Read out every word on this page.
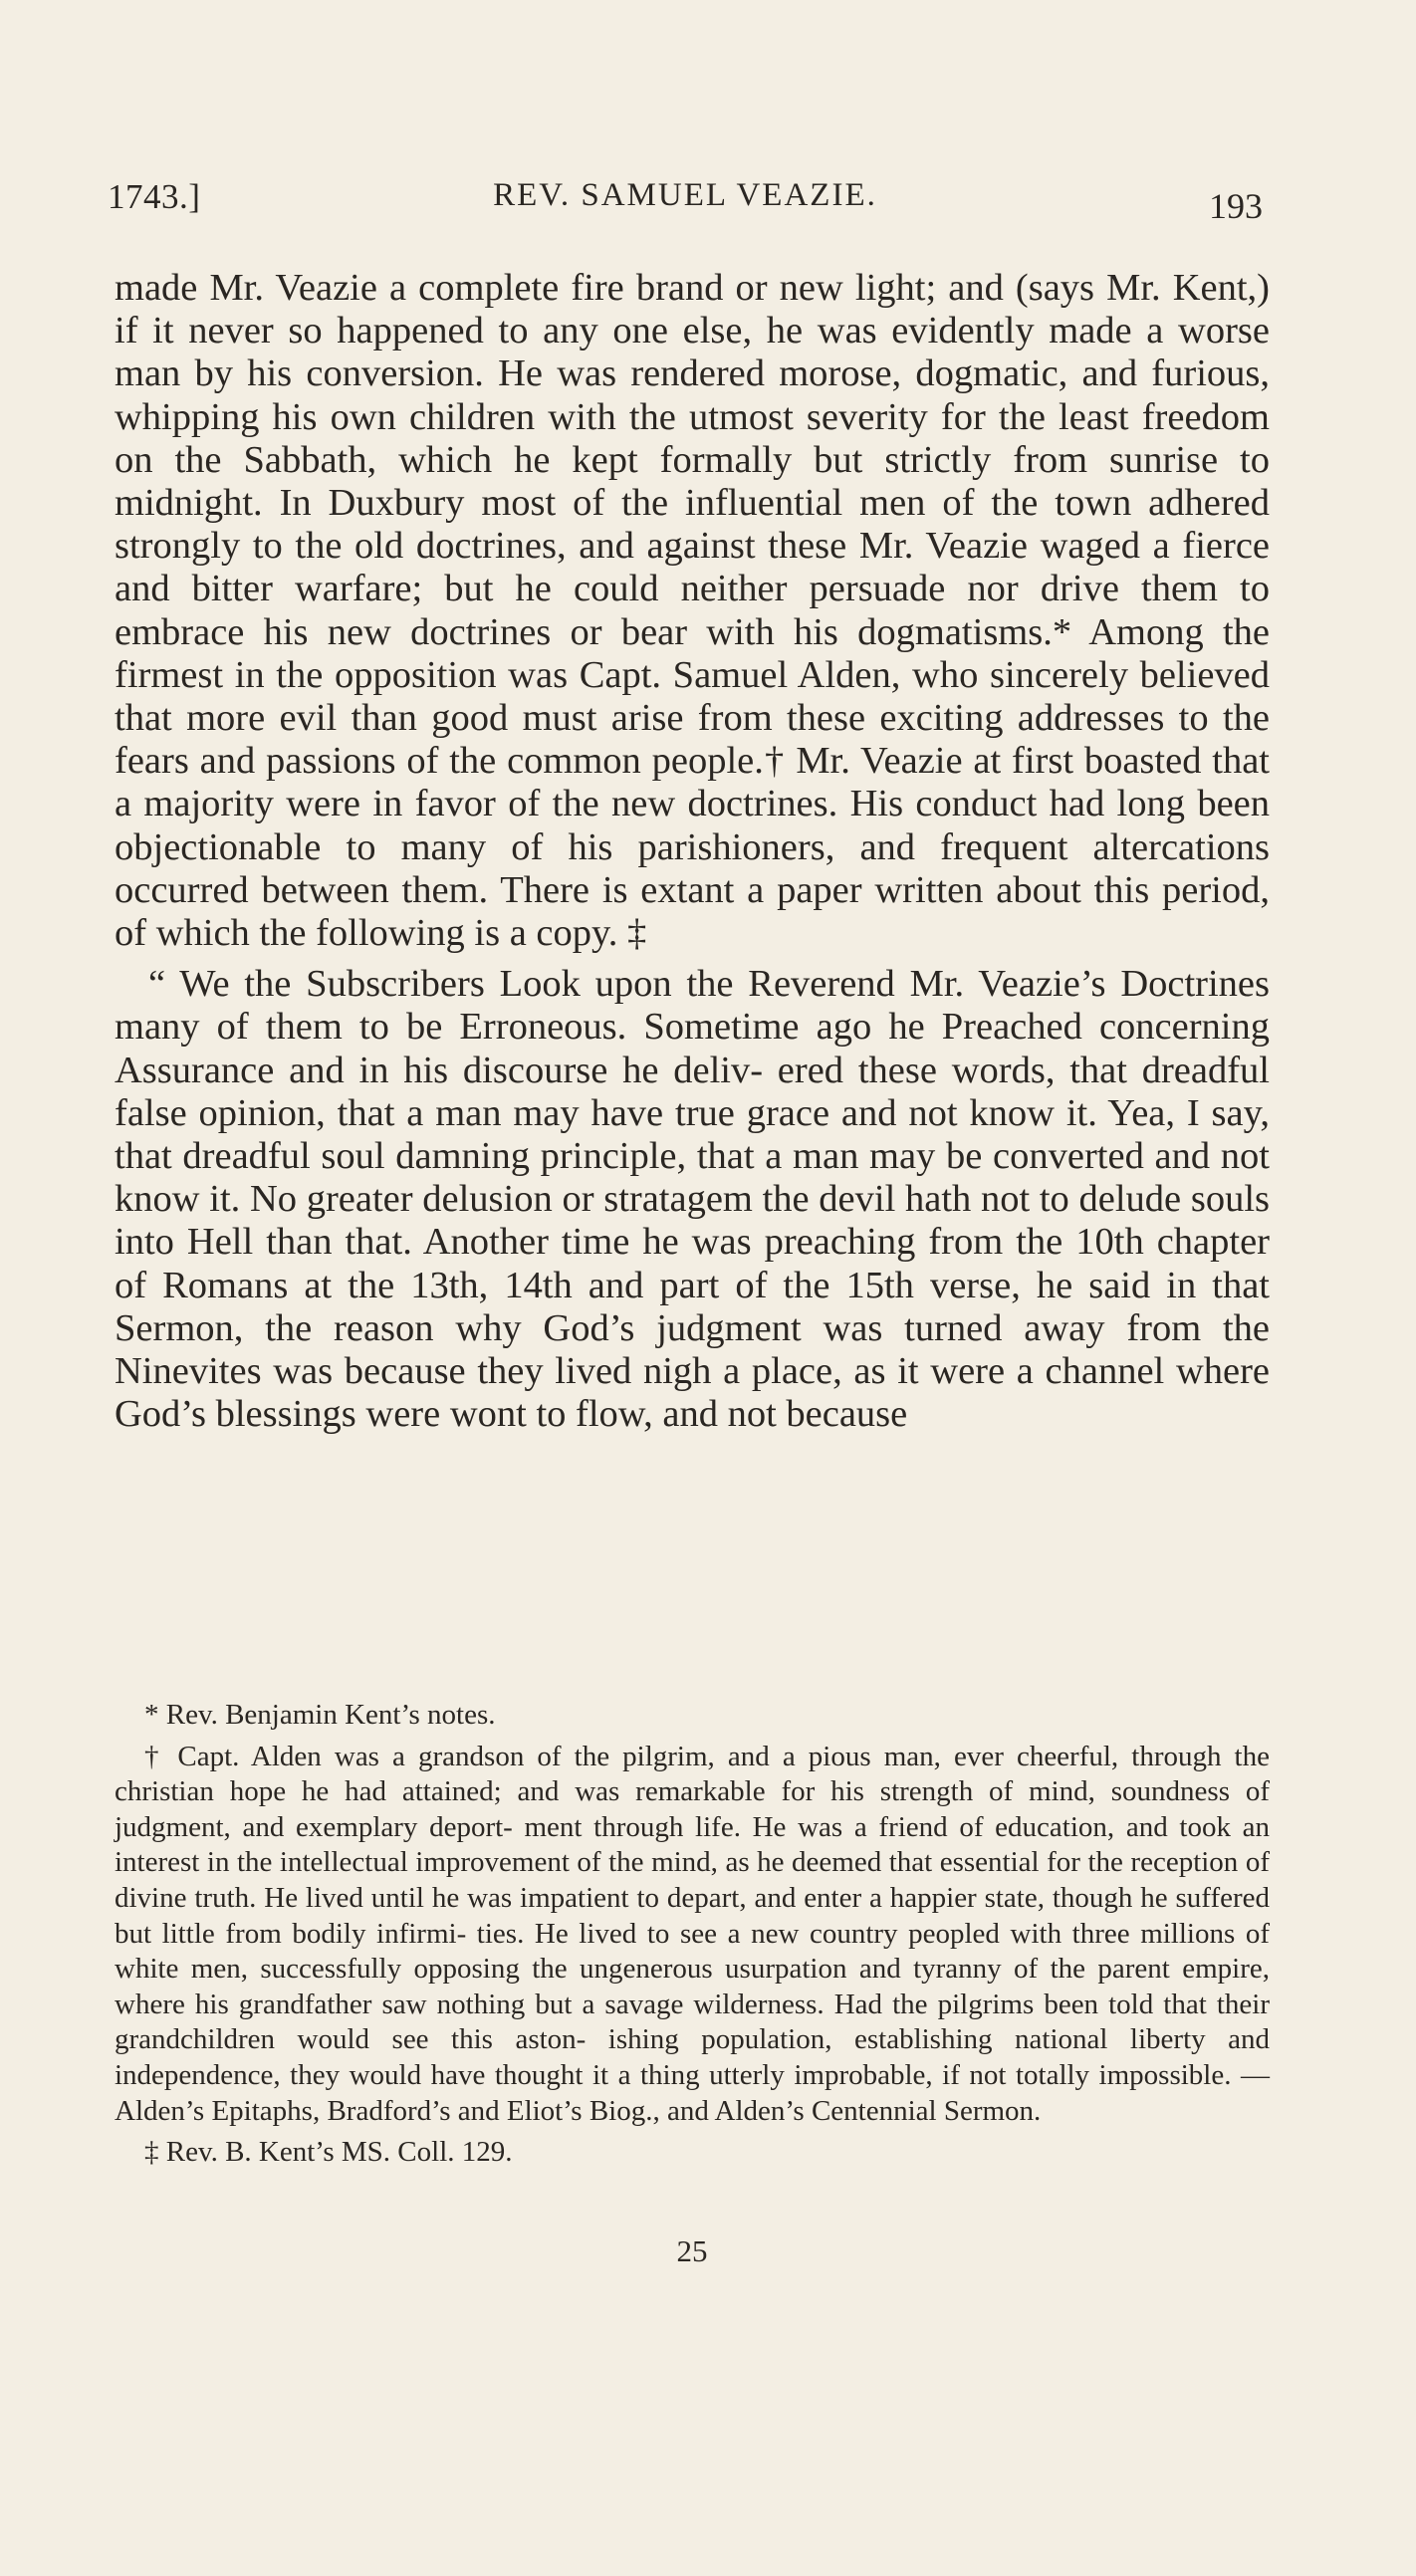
1743.]	REV. SAMUEL VEAZIE.	193

made Mr. Veazie a complete fire brand or new light; and (says Mr. Kent,) if it never so happened to any one else, he was evidently made a worse man by his conversion. He was rendered morose, dogmatic, and furious, whipping his own children with the utmost severity for the least freedom on the Sabbath, which he kept formally but strictly from sunrise to midnight. In Duxbury most of the influential men of the town adhered strongly to the old doctrines, and against these Mr. Veazie waged a fierce and bitter warfare; but he could neither persuade nor drive them to embrace his new doctrines or bear with his dogmatisms.* Among the firmest in the opposition was Capt. Samuel Alden, who sincerely believed that more evil than good must arise from these exciting addresses to the fears and passions of the common people.† Mr. Veazie at first boasted that a majority were in favor of the new doctrines. His conduct had long been objectionable to many of his parishioners, and frequent altercations occurred between them. There is extant a paper written about this period, of which the following is a copy. ‡

“ We the Subscribers Look upon the Reverend Mr. Veazie’s Doctrines many of them to be Erroneous. Sometime ago he Preached concerning Assurance and in his discourse he deliv- ered these words, that dreadful false opinion, that a man may have true grace and not know it. Yea, I say, that dreadful soul damning principle, that a man may be converted and not know it. No greater delusion or stratagem the devil hath not to delude souls into Hell than that. Another time he was preaching from the 10th chapter of Romans at the 13th, 14th and part of the 15th verse, he said in that Sermon, the reason why God’s judgment was turned away from the Ninevites was because they lived nigh a place, as it were a channel where God’s blessings were wont to flow, and not because

* Rev. Benjamin Kent’s notes.

† Capt. Alden was a grandson of the pilgrim, and a pious man, ever cheerful, through the christian hope he had attained; and was remarkable for his strength of mind, soundness of judgment, and exemplary deport- ment through life. He was a friend of education, and took an interest in the intellectual improvement of the mind, as he deemed that essential for the reception of divine truth. He lived until he was impatient to depart, and enter a happier state, though he suffered but little from bodily infirmi- ties. He lived to see a new country peopled with three millions of white men, successfully opposing the ungenerous usurpation and tyranny of the parent empire, where his grandfather saw nothing but a savage wilderness. Had the pilgrims been told that their grandchildren would see this aston- ishing population, establishing national liberty and independence, they would have thought it a thing utterly improbable, if not totally impossible. —Alden’s Epitaphs, Bradford’s and Eliot’s Biog., and Alden’s Centennial Sermon.

‡ Rev. B. Kent’s MS. Coll. 129.

25
